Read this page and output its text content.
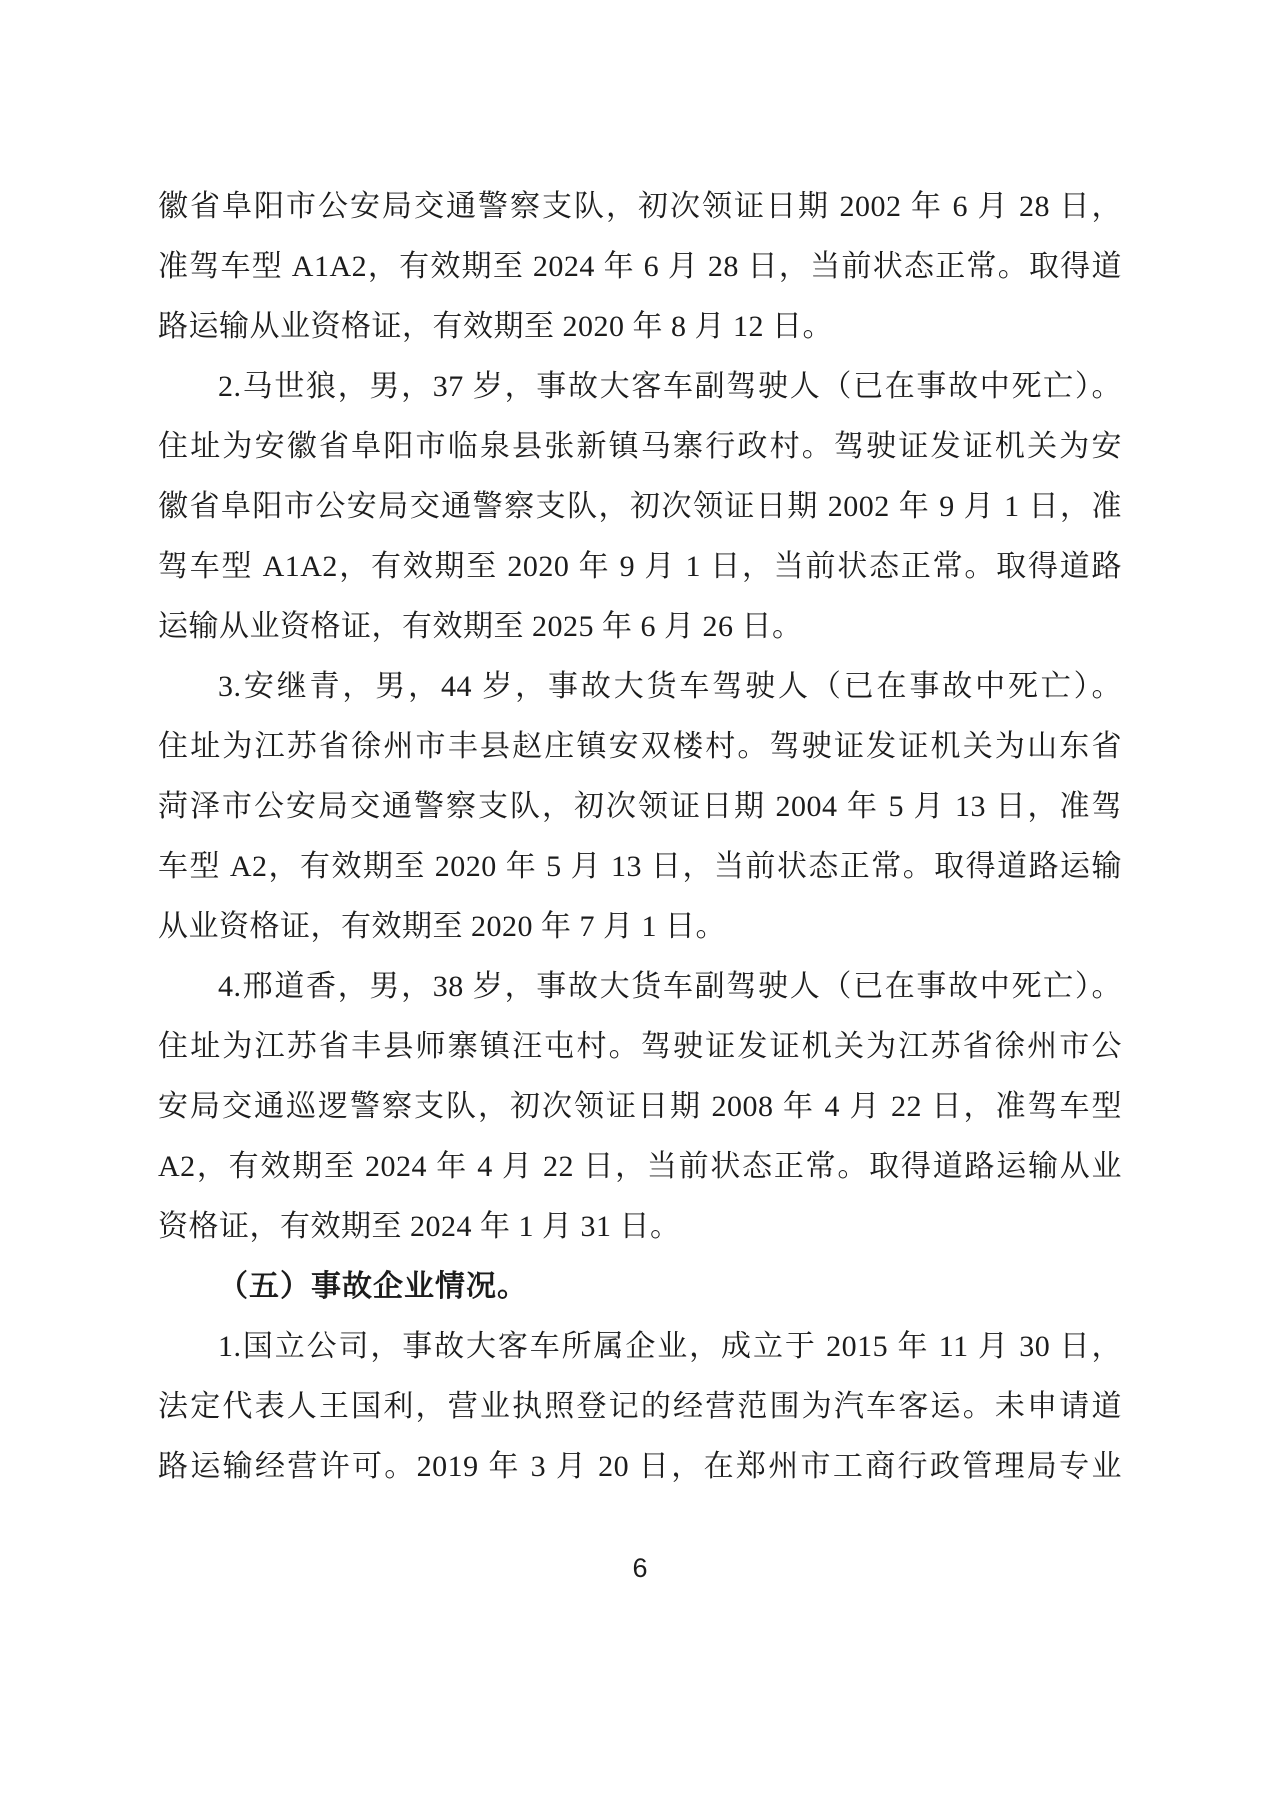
徽省阜阳市公安局交通警察支队，初次领证日期 2002 年 6 月 28 日，
准驾车型 A1A2，有效期至 2024 年 6 月 28 日，当前状态正常。取得道
路运输从业资格证，有效期至 2020 年 8 月 12 日。
2.马世狼，男，37 岁，事故大客车副驾驶人（已在事故中死亡）。
住址为安徽省阜阳市临泉县张新镇马寨行政村。驾驶证发证机关为安
徽省阜阳市公安局交通警察支队，初次领证日期 2002 年 9 月 1 日，准
驾车型 A1A2，有效期至 2020 年 9 月 1 日，当前状态正常。取得道路
运输从业资格证，有效期至 2025 年 6 月 26 日。
3.安继青，男，44 岁，事故大货车驾驶人（已在事故中死亡）。
住址为江苏省徐州市丰县赵庄镇安双楼村。驾驶证发证机关为山东省
菏泽市公安局交通警察支队，初次领证日期 2004 年 5 月 13 日，准驾
车型 A2，有效期至 2020 年 5 月 13 日，当前状态正常。取得道路运输
从业资格证，有效期至 2020 年 7 月 1 日。
4.邢道香，男，38 岁，事故大货车副驾驶人（已在事故中死亡）。
住址为江苏省丰县师寨镇汪屯村。驾驶证发证机关为江苏省徐州市公
安局交通巡逻警察支队，初次领证日期 2008 年 4 月 22 日，准驾车型
A2，有效期至 2024 年 4 月 22 日，当前状态正常。取得道路运输从业
资格证，有效期至 2024 年 1 月 31 日。
（五）事故企业情况。
1.国立公司，事故大客车所属企业，成立于 2015 年 11 月 30 日，
法定代表人王国利，营业执照登记的经营范围为汽车客运。未申请道
路运输经营许可。2019 年 3 月 20 日，在郑州市工商行政管理局专业
6
